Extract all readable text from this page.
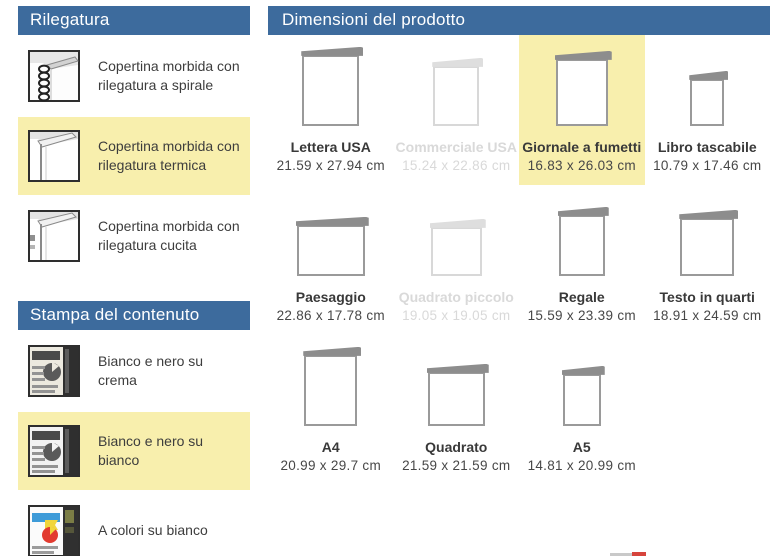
Rilegatura
Copertina morbida con rilegatura a spirale
Copertina morbida con rilegatura termica
Copertina morbida con rilegatura cucita
Stampa del contenuto
Bianco e nero su crema
Bianco e nero su bianco
A colori su bianco
Dimensioni del prodotto
Lettera USA
21.59 x 27.94 cm
Commerciale USA
15.24 x 22.86 cm
Giornale a fumetti
16.83 x 26.03 cm
Libro tascabile
10.79 x 17.46 cm
Paesaggio
22.86 x 17.78 cm
Quadrato piccolo
19.05 x 19.05 cm
Regale
15.59 x 23.39 cm
Testo in quarti
18.91 x 24.59 cm
A4
20.99 x 29.7 cm
Quadrato
21.59 x 21.59 cm
A5
14.81 x 20.99 cm
